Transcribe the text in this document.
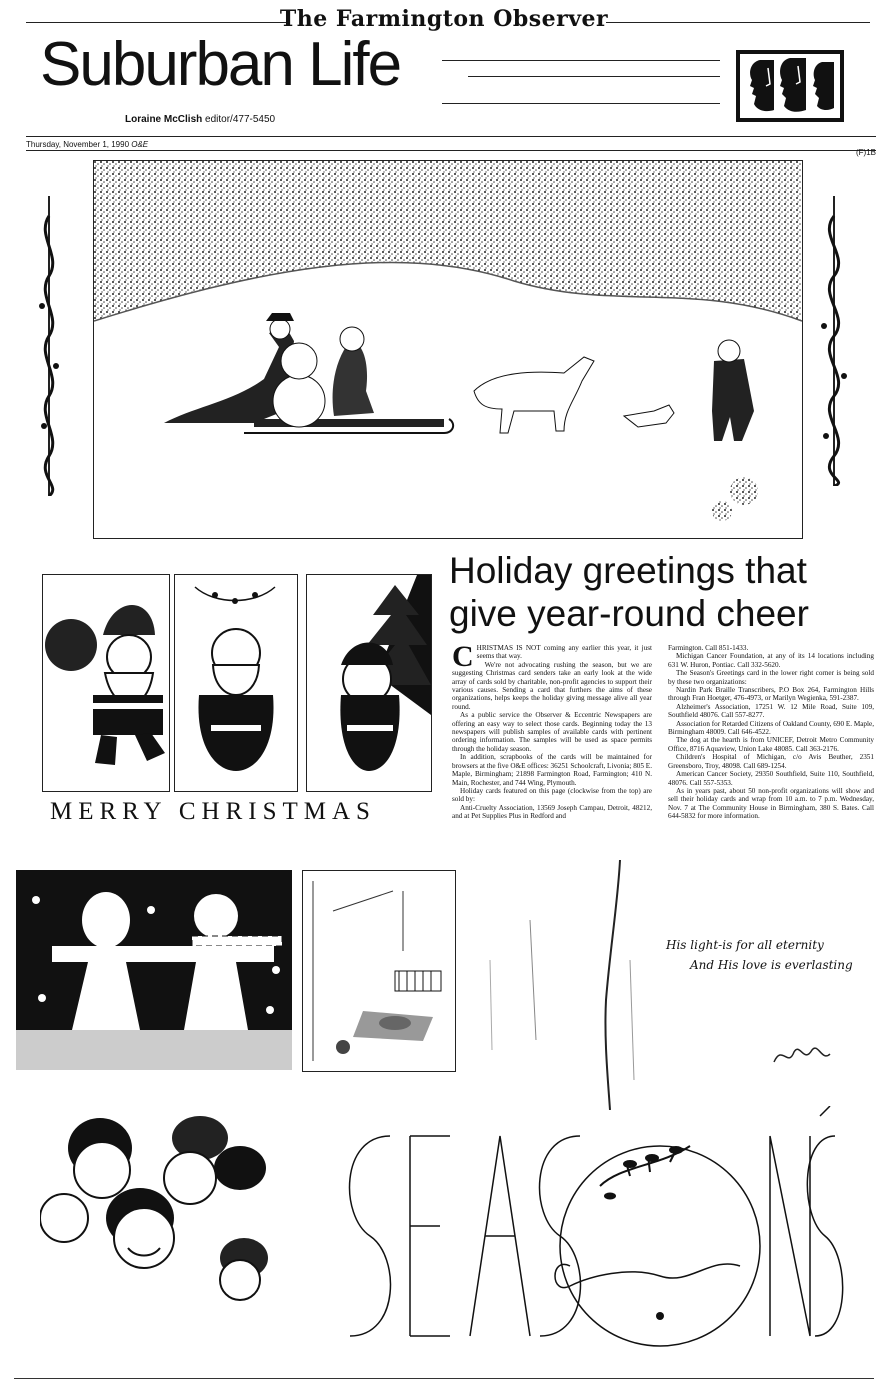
The Farmington Observer
Suburban Life
Loraine McClish editor/477-5450
Thursday, November 1, 1990 O&E
(F)1B
MERRY CHRISTMAS
Holiday greetings that
give year-round cheer
C HRISTMAS IS NOT coming any earlier this year, it just seems that way.

We're not advocating rushing the season, but we are suggesting Christmas card senders take an early look at the wide array of cards sold by charitable, non-profit agencies to support their various causes. Sending a card that furthers the aims of these organizations, helps keeps the holiday giving message alive all year round.

As a public service the Observer & Eccentric Newspapers are offering an easy way to select those cards. Beginning today the 13 newspapers will publish samples of available cards with pertinent ordering information. The samples will be used as space permits through the holiday season.

In addition, scrapbooks of the cards will be maintained for browsers at the five O&E offices: 36251 Schoolcraft, Livonia; 805 E. Maple, Birmingham; 21898 Farmington Road, Farmington; 410 N. Main, Rochester, and 744 Wing, Plymouth.

Holiday cards featured on this page (clockwise from the top) are sold by:

Anti-Cruelty Association, 13569 Joseph Campau, Detroit, 48212, and at Pet Supplies Plus in Redford and

Farmington. Call 851-1433.

Michigan Cancer Foundation, at any of its 14 locations including 631 W. Huron, Pontiac. Call 332-5620.

The Season's Greetings card in the lower right corner is being sold by these two organizations:

Nardin Park Braille Transcribers, P.O Box 264, Farmington Hills through Fran Hoetger, 476-4973, or Marilyn Wegienka, 591-2387.

Alzheimer's Association, 17251 W. 12 Mile Road, Suite 109, Southfield 48076. Call 557-8277.

Association for Retarded Citizens of Oakland County, 690 E. Maple, Birmingham 48009. Call 646-4522.

The dog at the hearth is from UNICEF, Detroit Metro Community Office, 8716 Aquaview, Union Lake 48085. Call 363-2176.

Children's Hospital of Michigan, c/o Avis Beuther, 2351 Greensboro, Troy, 48098. Call 689-1254.

American Cancer Society, 29350 Southfield, Suite 110, Southfield, 48076. Call 557-5353.

As in years past, about 50 non-profit organizations will show and sell their holiday cards and wrap from 10 a.m. to 7 p.m. Wednesday, Nov. 7 at The Community House in Birmingham, 380 S. Bates. Call 644-5832 for more information.

His light-is for all eternity
And His love is everlasting
